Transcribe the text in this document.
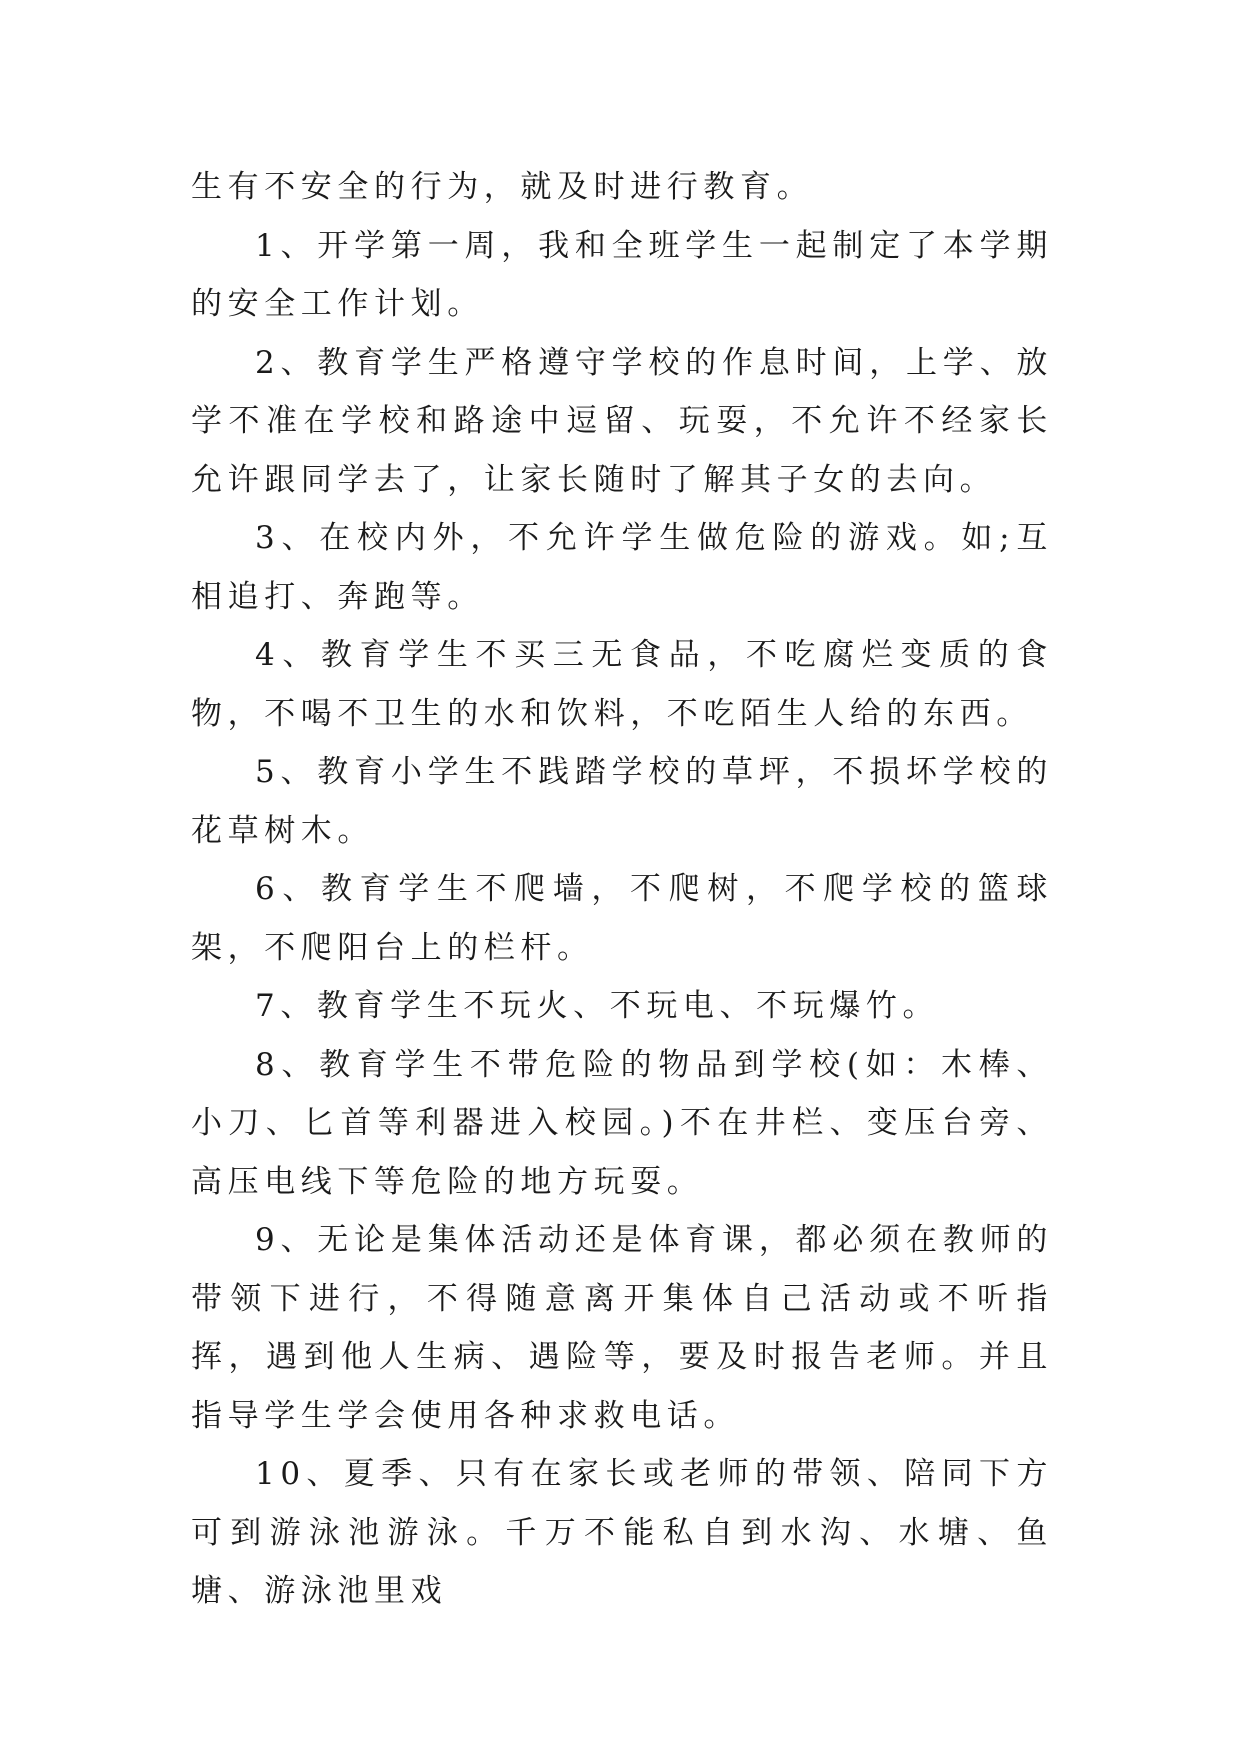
生有不安全的行为，就及时进行教育。

1、开学第一周，我和全班学生一起制定了本学期的安全工作计划。

2、教育学生严格遵守学校的作息时间，上学、放学不准在学校和路途中逗留、玩耍，不允许不经家长允许跟同学去了，让家长随时了解其子女的去向。

3、在校内外，不允许学生做危险的游戏。如;互相追打、奔跑等。

4、教育学生不买三无食品，不吃腐烂变质的食物，不喝不卫生的水和饮料，不吃陌生人给的东西。

5、教育小学生不践踏学校的草坪，不损坏学校的花草树木。

6、教育学生不爬墙，不爬树，不爬学校的篮球架，不爬阳台上的栏杆。

7、教育学生不玩火、不玩电、不玩爆竹。

8、教育学生不带危险的物品到学校(如：木棒、小刀、匕首等利器进入校园。)不在井栏、变压台旁、高压电线下等危险的地方玩耍。

9、无论是集体活动还是体育课，都必须在教师的带领下进行，不得随意离开集体自己活动或不听指挥，遇到他人生病、遇险等，要及时报告老师。并且指导学生学会使用各种求救电话。

10、夏季、只有在家长或老师的带领、陪同下方可到游泳池游泳。千万不能私自到水沟、水塘、鱼塘、游泳池里戏
